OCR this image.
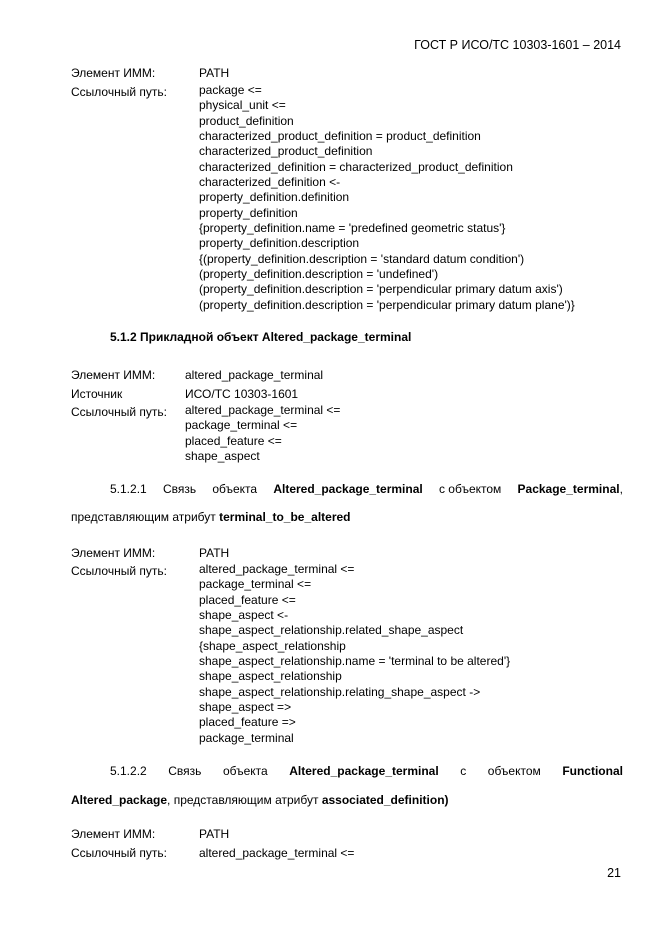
ГОСТ Р ИСО/ТС 10303-1601 – 2014
Элемент ИММ:	PATH
Ссылочный путь:	package <=
physical_unit <=
product_definition
characterized_product_definition = product_definition
characterized_product_definition
characterized_definition = characterized_product_definition
characterized_definition <-
property_definition.definition
property_definition
{property_definition.name = 'predefined geometric status'}
property_definition.description
{(property_definition.description = 'standard datum condition')
(property_definition.description = 'undefined')
(property_definition.description = 'perpendicular primary datum axis')
(property_definition.description = 'perpendicular primary datum plane')}
5.1.2 Прикладной объект Altered_package_terminal
Элемент ИММ: altered_package_terminal
Источник	ИСО/ТС 10303-1601
Ссылочный путь: altered_package_terminal <=
package_terminal <=
placed_feature <=
shape_aspect
5.1.2.1 Связь объекта Altered_package_terminal с объектом Package_terminal,
представляющим атрибут terminal_to_be_altered
Элемент ИММ:	PATH
Ссылочный путь:	altered_package_terminal <=
package_terminal <=
placed_feature <=
shape_aspect <-
shape_aspect_relationship.related_shape_aspect
{shape_aspect_relationship
shape_aspect_relationship.name = 'terminal to be altered'}
shape_aspect_relationship
shape_aspect_relationship.relating_shape_aspect ->
shape_aspect =>
placed_feature =>
package_terminal
5.1.2.2 Связь объекта Altered_package_terminal с объектом Functional
Altered_package, представляющим атрибут associated_definition)
Элемент ИММ:	PATH
Ссылочный путь:	altered_package_terminal <=
21
